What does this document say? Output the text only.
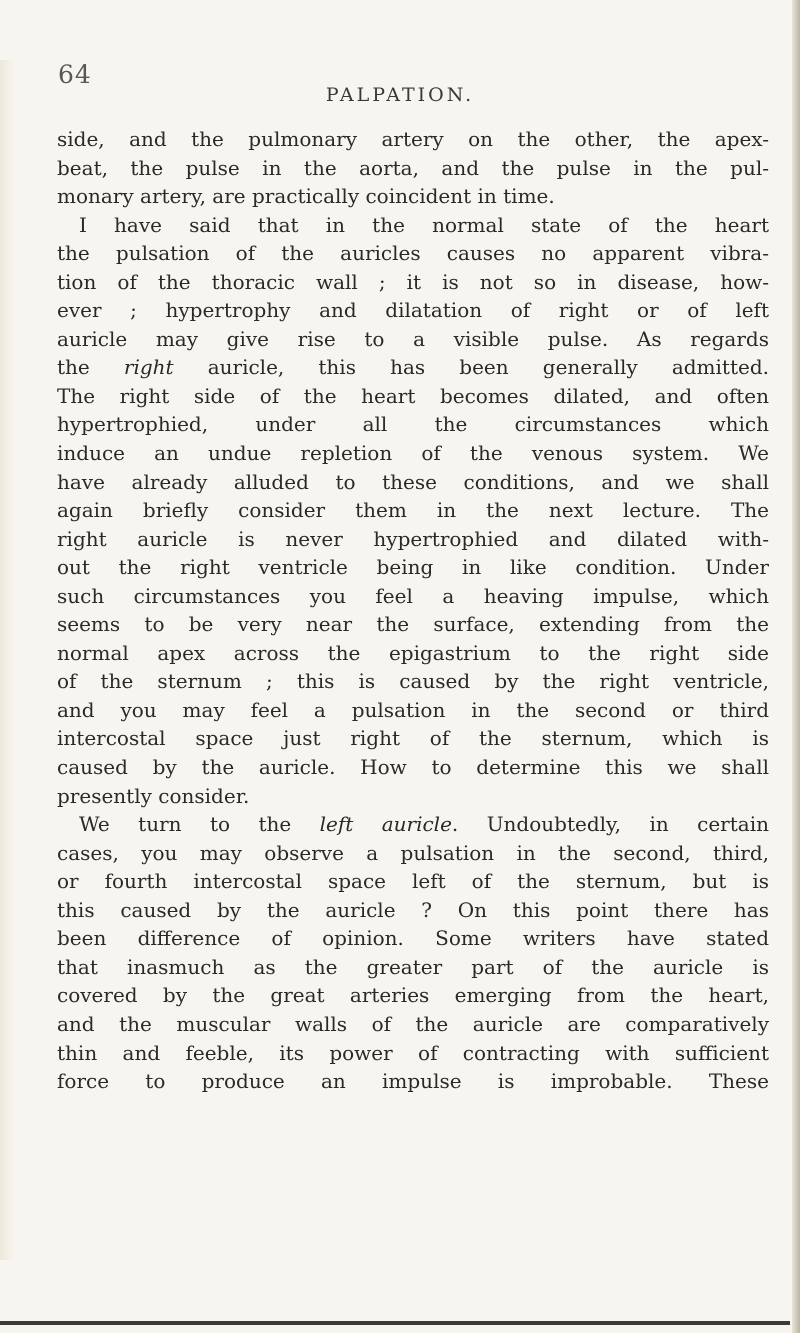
64
PALPATION.
side, and the pulmonary artery on the other, the apex-
beat, the pulse in the aorta, and the pulse in the pul-
monary artery, are practically coincident in time.
I have said that in the normal state of the heart
the pulsation of the auricles causes no apparent vibra-
tion of the thoracic wall ; it is not so in disease, how-
ever ; hypertrophy and dilatation of right or of left
auricle may give rise to a visible pulse. As regards
the right auricle, this has been generally admitted.
The right side of the heart becomes dilated, and often
hypertrophied, under all the circumstances which
induce an undue repletion of the venous system. We
have already alluded to these conditions, and we shall
again briefly consider them in the next lecture. The
right auricle is never hypertrophied and dilated with-
out the right ventricle being in like condition. Under
such circumstances you feel a heaving impulse, which
seems to be very near the surface, extending from the
normal apex across the epigastrium to the right side
of the sternum ; this is caused by the right ventricle,
and you may feel a pulsation in the second or third
intercostal space just right of the sternum, which is
caused by the auricle. How to determine this we shall
presently consider.
We turn to the left auricle. Undoubtedly, in certain
cases, you may observe a pulsation in the second, third,
or fourth intercostal space left of the sternum, but is
this caused by the auricle ? On this point there has
been difference of opinion. Some writers have stated
that inasmuch as the greater part of the auricle is
covered by the great arteries emerging from the heart,
and the muscular walls of the auricle are comparatively
thin and feeble, its power of contracting with sufficient
force to produce an impulse is improbable. These
